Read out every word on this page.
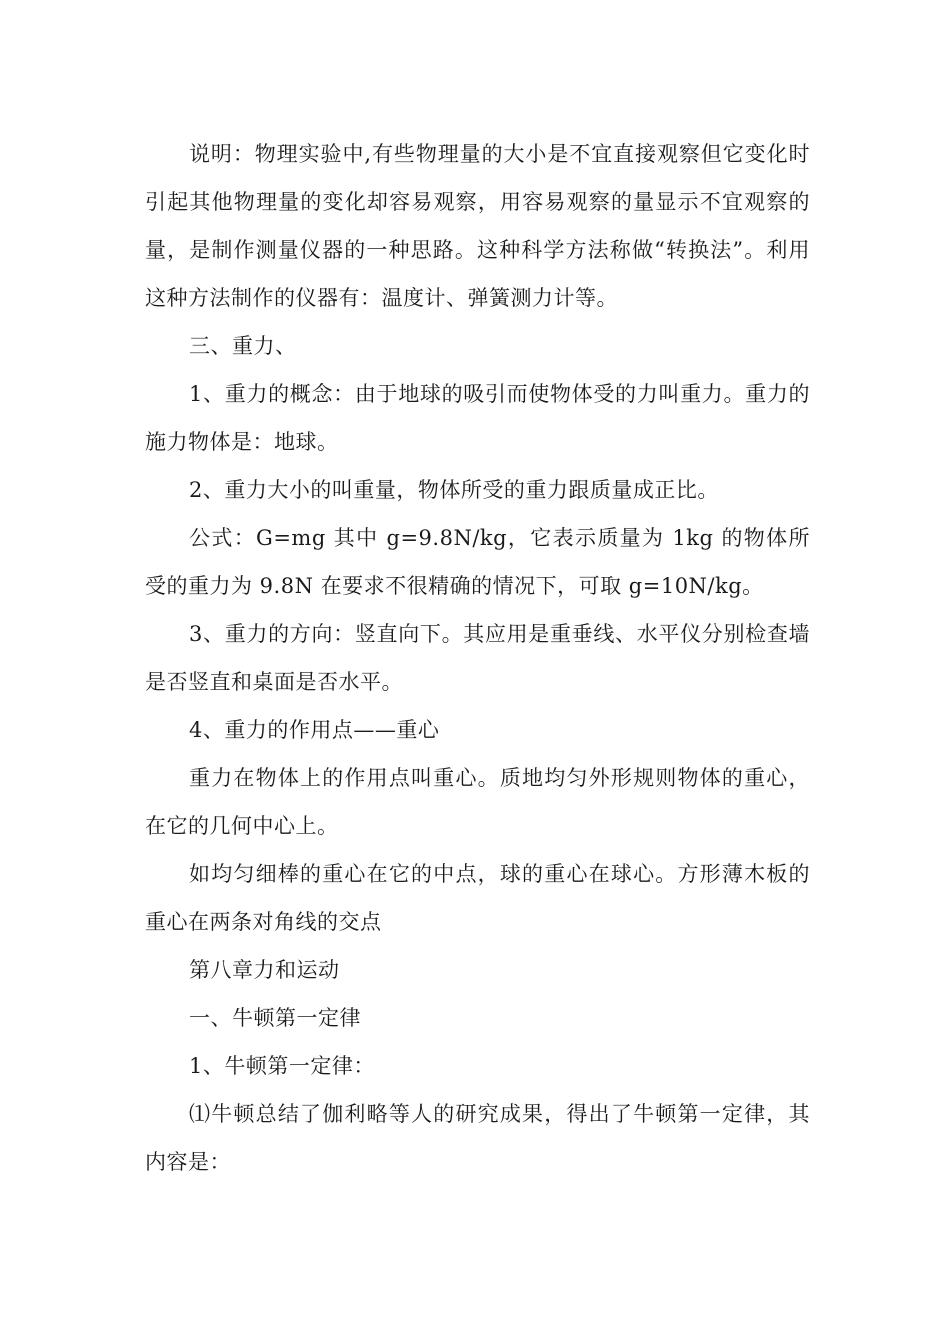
说明：物理实验中,有些物理量的大小是不宜直接观察但它变化时引起其他物理量的变化却容易观察，用容易观察的量显示不宜观察的量，是制作测量仪器的一种思路。这种科学方法称做“转换法”。利用这种方法制作的仪器有：温度计、弹簧测力计等。

三、重力、

1、重力的概念：由于地球的吸引而使物体受的力叫重力。重力的施力物体是：地球。

2、重力大小的叫重量，物体所受的重力跟质量成正比。

公式：G=mg 其中 g=9.8N/kg，它表示质量为 1kg 的物体所受的重力为 9.8N 在要求不很精确的情况下，可取 g=10N/kg。

3、重力的方向：竖直向下。其应用是重垂线、水平仪分别检查墙是否竖直和桌面是否水平。

4、重力的作用点——重心

重力在物体上的作用点叫重心。质地均匀外形规则物体的重心，在它的几何中心上。

如均匀细棒的重心在它的中点，球的重心在球心。方形薄木板的重心在两条对角线的交点

第八章力和运动

一、牛顿第一定律

1、牛顿第一定律：

⑴牛顿总结了伽利略等人的研究成果，得出了牛顿第一定律，其内容是：
